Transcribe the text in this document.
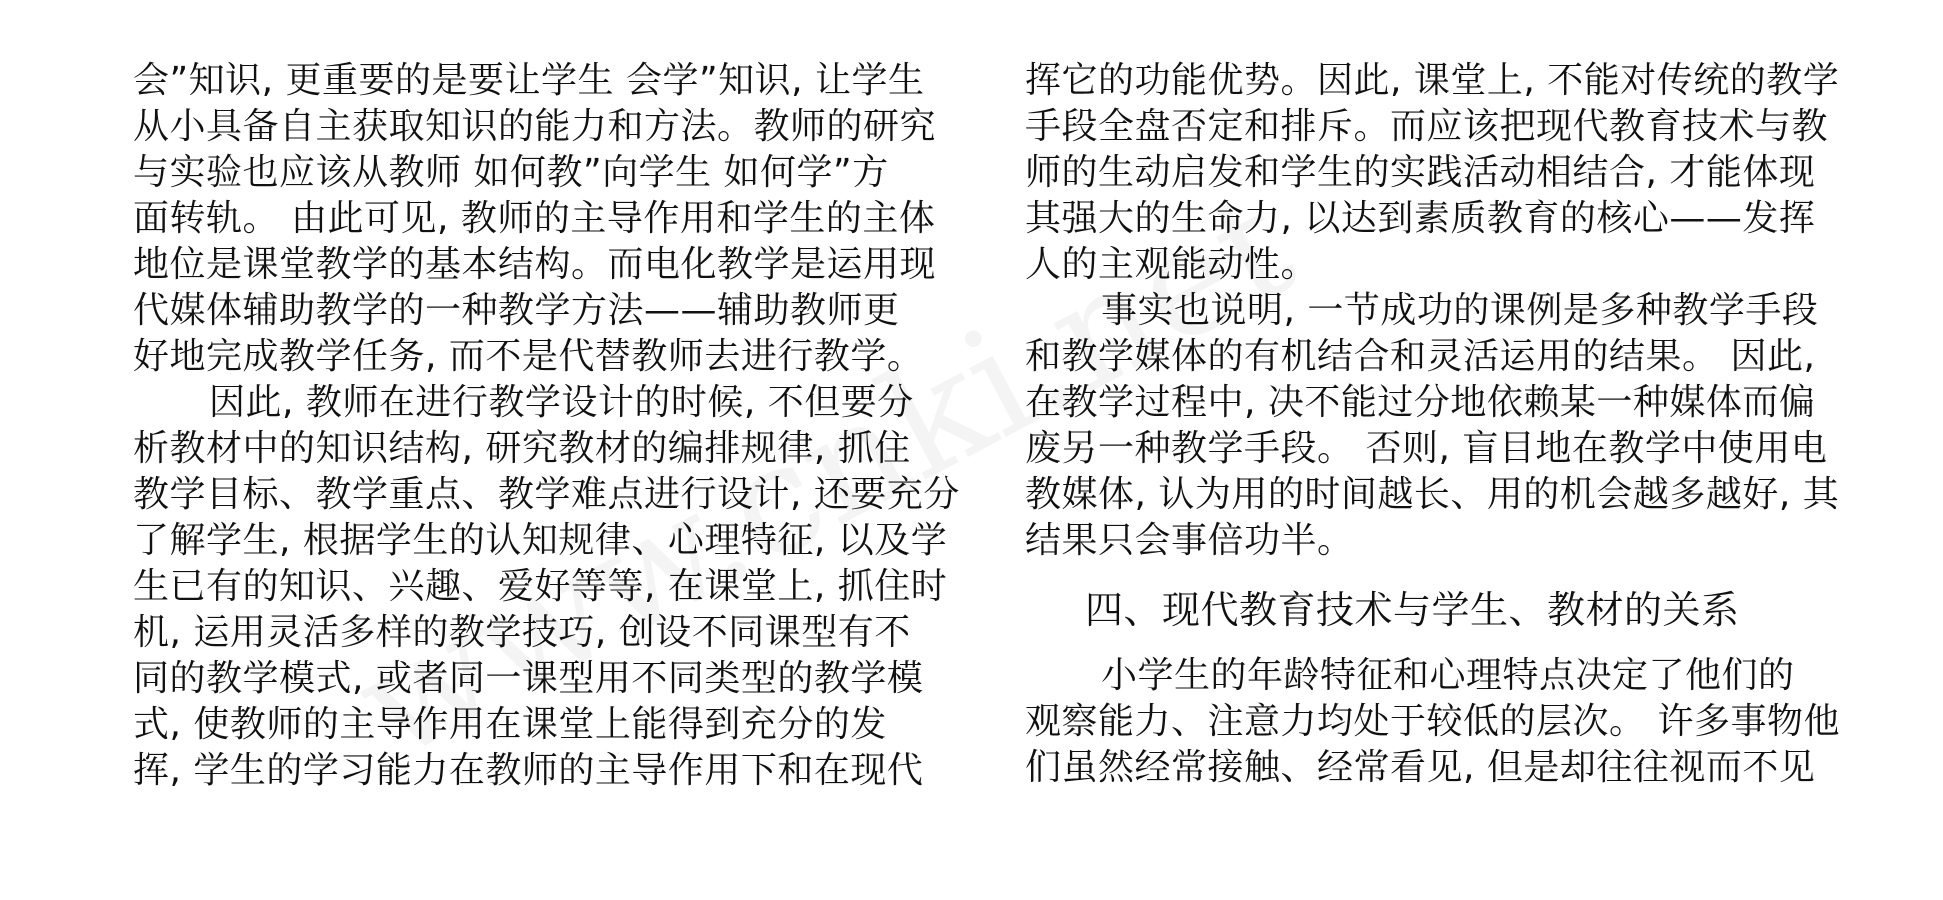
会”知识, 更重要的是要让学生 会学”知识, 让学生
从小具备自主获取知识的能力和方法。教师的研究
与实验也应该从教师 如何教”向学生 如何学”方
面转轨。 由此可见, 教师的主导作用和学生的主体
地位是课堂教学的基本结构。而电化教学是运用现
代媒体辅助教学的一种教学方法——辅助教师更
好地完成教学任务, 而不是代替教师去进行教学。
因此, 教师在进行教学设计的时候, 不但要分
析教材中的知识结构, 研究教材的编排规律, 抓住
教学目标、教学重点、教学难点进行设计, 还要充分
了解学生, 根据学生的认知规律、心理特征, 以及学
生已有的知识、兴趣、爱好等等, 在课堂上, 抓住时
机, 运用灵活多样的教学技巧, 创设不同课型有不
同的教学模式, 或者同一课型用不同类型的教学模
式, 使教师的主导作用在课堂上能得到充分的发
挥, 学生的学习能力在教师的主导作用下和在现代
挥它的功能优势。因此, 课堂上, 不能对传统的教学
手段全盘否定和排斥。而应该把现代教育技术与教
师的生动启发和学生的实践活动相结合, 才能体现
其强大的生命力, 以达到素质教育的核心——发挥
人的主观能动性。
事实也说明, 一节成功的课例是多种教学手段
和教学媒体的有机结合和灵活运用的结果。 因此,
在教学过程中, 决不能过分地依赖某一种媒体而偏
废另一种教学手段。 否则, 盲目地在教学中使用电
教媒体, 认为用的时间越长、用的机会越多越好, 其
结果只会事倍功半。
四、现代教育技术与学生、教材的关系
小学生的年龄特征和心理特点决定了他们的
观察能力、注意力均处于较低的层次。 许多事物他
们虽然经常接触、经常看见, 但是却往往视而不见
